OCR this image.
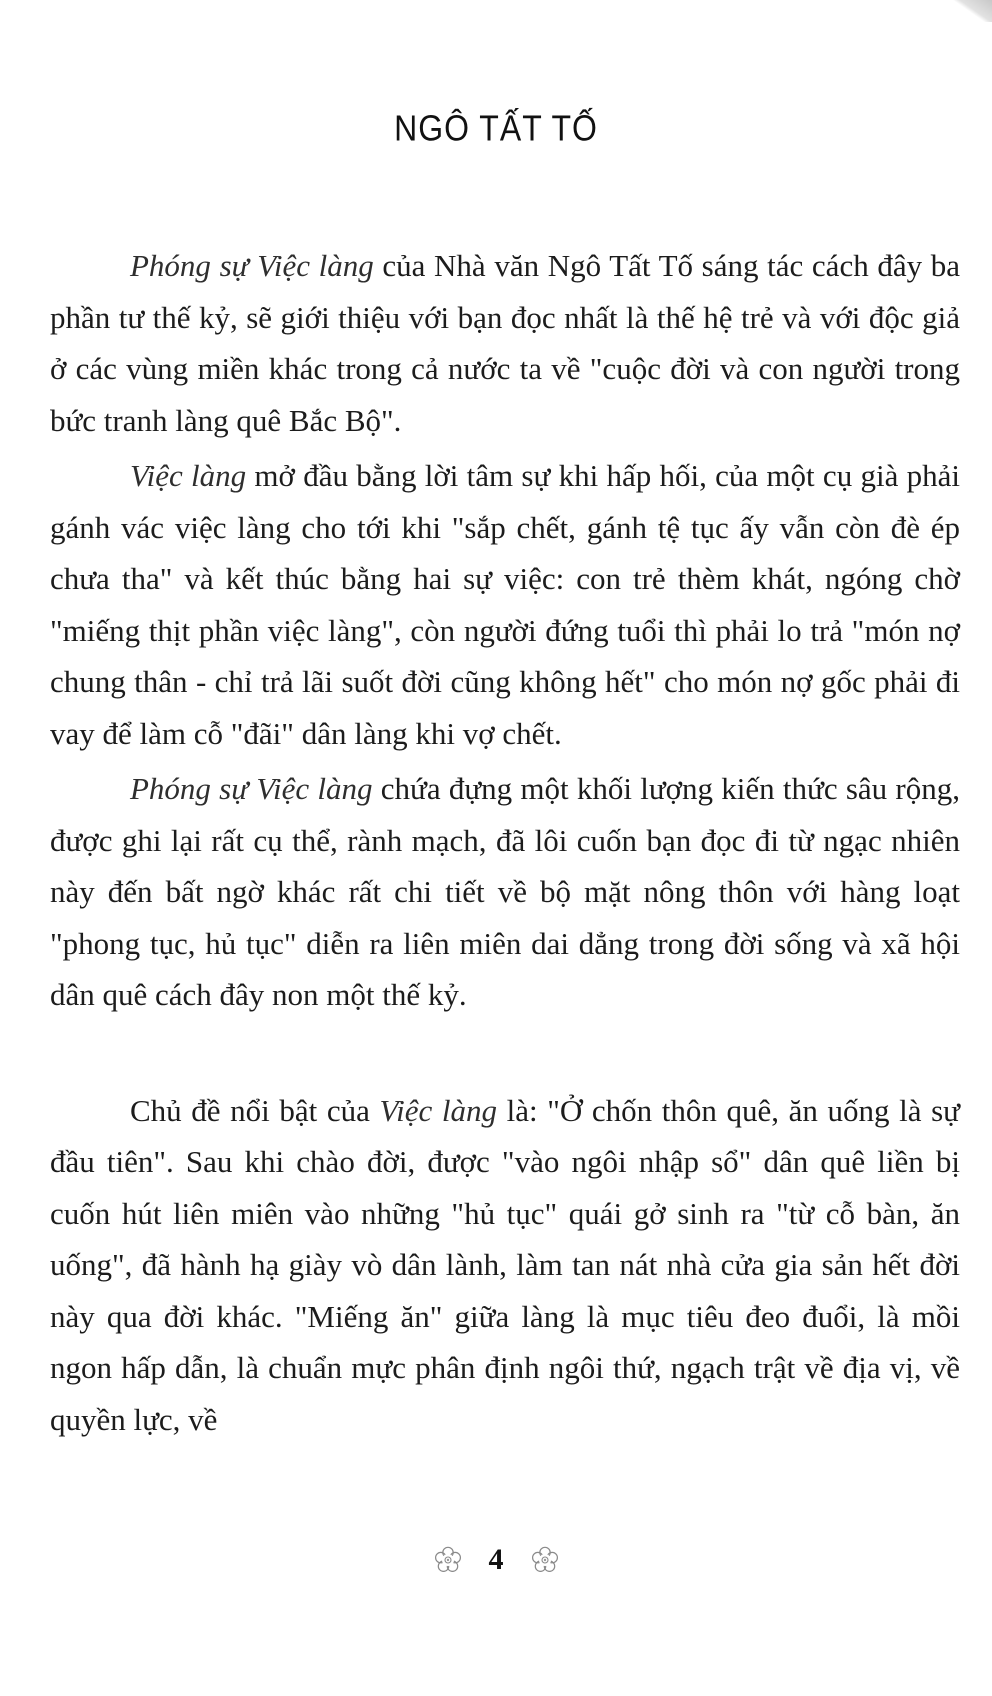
NGÔ TẤT TỐ

Phóng sự Việc làng của Nhà văn Ngô Tất Tố sáng tác cách đây ba phần tư thế kỷ, sẽ giới thiệu với bạn đọc nhất là thế hệ trẻ và với độc giả ở các vùng miền khác trong cả nước ta về "cuộc đời và con người trong bức tranh làng quê Bắc Bộ".

Việc làng mở đầu bằng lời tâm sự khi hấp hối, của một cụ già phải gánh vác việc làng cho tới khi "sắp chết, gánh tệ tục ấy vẫn còn đè ép chưa tha" và kết thúc bằng hai sự việc: con trẻ thèm khát, ngóng chờ "miếng thịt phần việc làng", còn người đứng tuổi thì phải lo trả "món nợ chung thân - chỉ trả lãi suốt đời cũng không hết" cho món nợ gốc phải đi vay để làm cỗ "đãi" dân làng khi vợ chết.

Phóng sự Việc làng chứa đựng một khối lượng kiến thức sâu rộng, được ghi lại rất cụ thể, rành mạch, đã lôi cuốn bạn đọc đi từ ngạc nhiên này đến bất ngờ khác rất chi tiết về bộ mặt nông thôn với hàng loạt "phong tục, hủ tục" diễn ra liên miên dai dẳng trong đời sống và xã hội dân quê cách đây non một thế kỷ.

Chủ đề nổi bật của Việc làng là: "Ở chốn thôn quê, ăn uống là sự đầu tiên". Sau khi chào đời, được "vào ngôi nhập sổ" dân quê liền bị cuốn hút liên miên vào những "hủ tục" quái gở sinh ra "từ cỗ bàn, ăn uống", đã hành hạ giày vò dân lành, làm tan nát nhà cửa gia sản hết đời này qua đời khác. "Miếng ăn" giữa làng là mục tiêu đeo đuổi, là mồi ngon hấp dẫn, là chuẩn mực phân định ngôi thứ, ngạch trật về địa vị, về quyền lực, về

4
